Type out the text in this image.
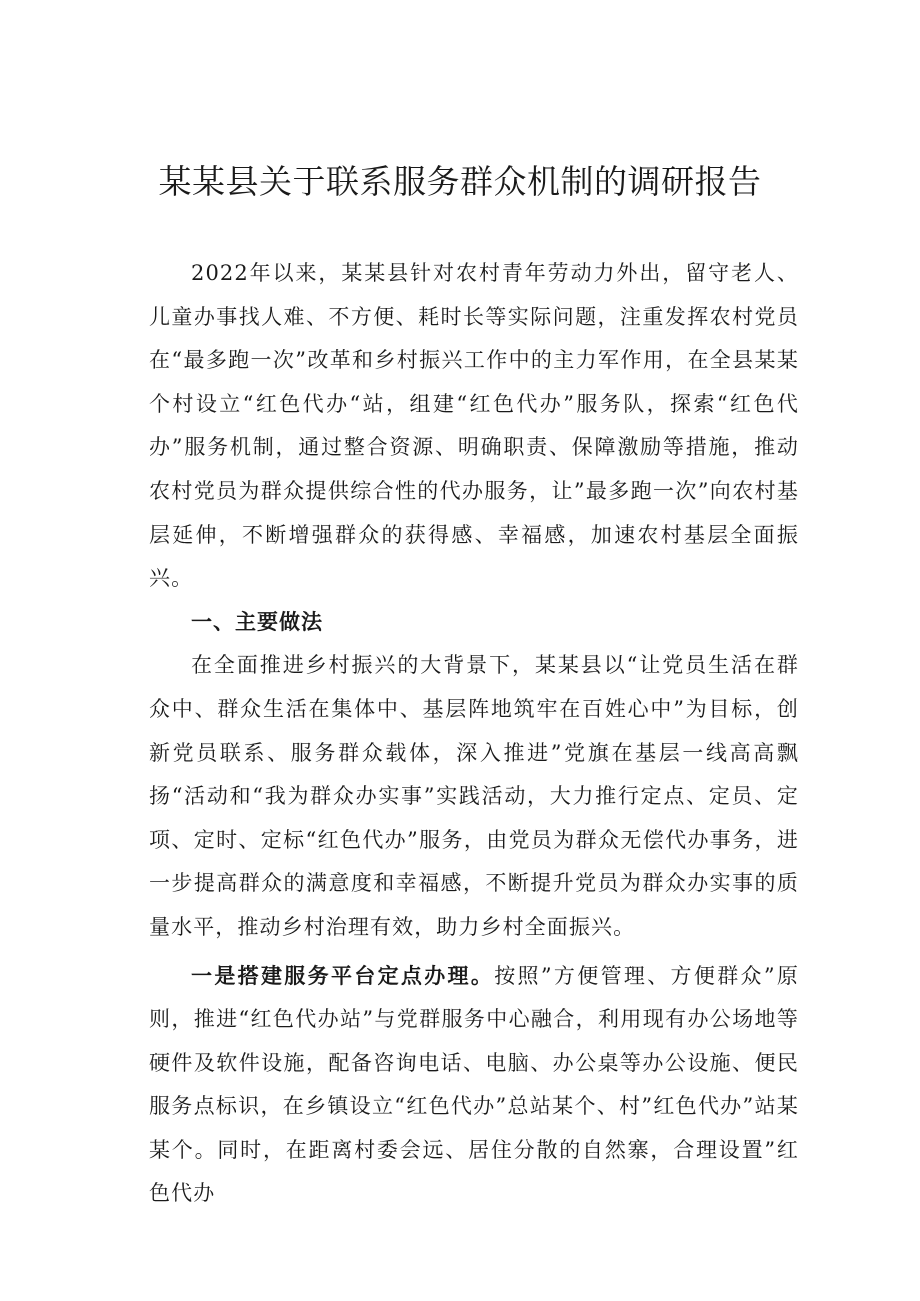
某某县关于联系服务群众机制的调研报告

2022年以来，某某县针对农村青年劳动力外出，留守老人、儿童办事找人难、不方便、耗时长等实际问题，注重发挥农村党员在“最多跑一次”改革和乡村振兴工作中的主力军作用，在全县某某个村设立“红色代办“站，组建“红色代办”服务队，探索“红色代办”服务机制，通过整合资源、明确职责、保障激励等措施，推动农村党员为群众提供综合性的代办服务，让”最多跑一次”向农村基层延伸，不断增强群众的获得感、幸福感，加速农村基层全面振兴。

一、主要做法

在全面推进乡村振兴的大背景下，某某县以“让党员生活在群众中、群众生活在集体中、基层阵地筑牢在百姓心中”为目标，创新党员联系、服务群众载体，深入推进”党旗在基层一线高高飘扬“活动和“我为群众办实事”实践活动，大力推行定点、定员、定项、定时、定标“红色代办”服务，由党员为群众无偿代办事务，进一步提高群众的满意度和幸福感，不断提升党员为群众办实事的质量水平，推动乡村治理有效，助力乡村全面振兴。

一是搭建服务平台定点办理。按照”方便管理、方便群众”原则，推进“红色代办站”与党群服务中心融合，利用现有办公场地等硬件及软件设施，配备咨询电话、电脑、办公桌等办公设施、便民服务点标识，在乡镇设立“红色代办”总站某个、村”红色代办”站某某个。同时，在距离村委会远、居住分散的自然寨，合理设置”红色代办
